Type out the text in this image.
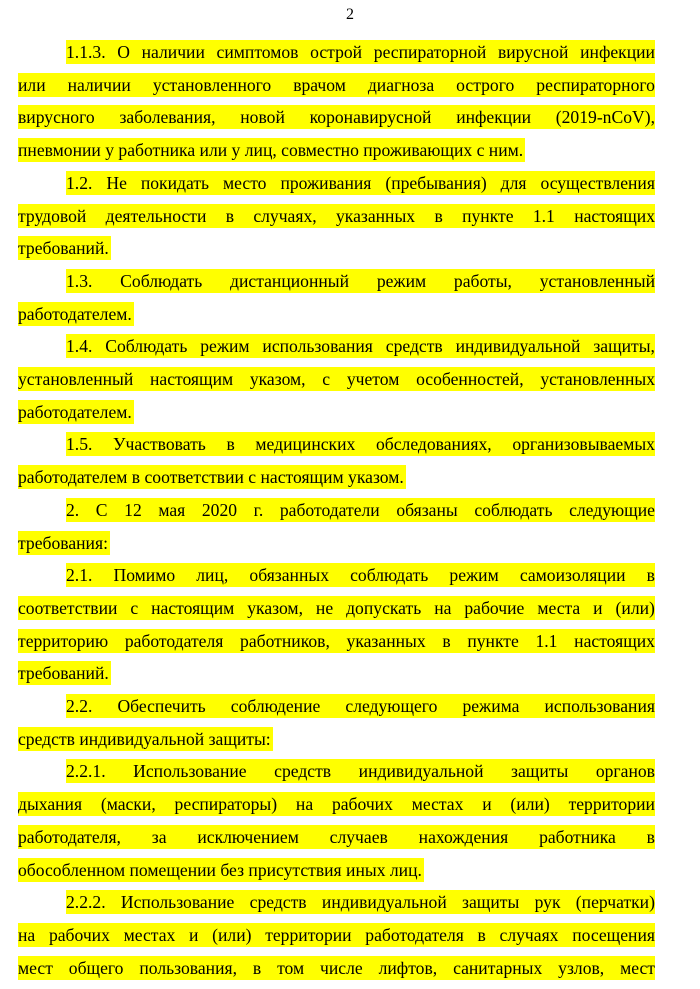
2
1.1.3. О наличии симптомов острой респираторной вирусной инфекции
или наличии установленного врачом диагноза острого респираторного
вирусного заболевания, новой коронавирусной инфекции (2019-nCoV),
пневмонии у работника или у лиц, совместно проживающих с ним.
1.2. Не покидать место проживания (пребывания) для осуществления
трудовой деятельности в случаях, указанных в пункте 1.1 настоящих
требований.
1.3. Соблюдать дистанционный режим работы, установленный
работодателем.
1.4. Соблюдать режим использования средств индивидуальной защиты,
установленный настоящим указом, с учетом особенностей, установленных
работодателем.
1.5. Участвовать в медицинских обследованиях, организовываемых
работодателем в соответствии с настоящим указом.
2. С 12 мая 2020 г. работодатели обязаны соблюдать следующие
требования:
2.1. Помимо лиц, обязанных соблюдать режим самоизоляции в
соответствии с настоящим указом, не допускать на рабочие места и (или)
территорию работодателя работников, указанных в пункте 1.1 настоящих
требований.
2.2. Обеспечить соблюдение следующего режима использования
средств индивидуальной защиты:
2.2.1. Использование средств индивидуальной защиты органов
дыхания (маски, респираторы) на рабочих местах и (или) территории
работодателя, за исключением случаев нахождения работника в
обособленном помещении без присутствия иных лиц.
2.2.2. Использование средств индивидуальной защиты рук (перчатки)
на рабочих местах и (или) территории работодателя в случаях посещения
мест общего пользования, в том числе лифтов, санитарных узлов, мест
